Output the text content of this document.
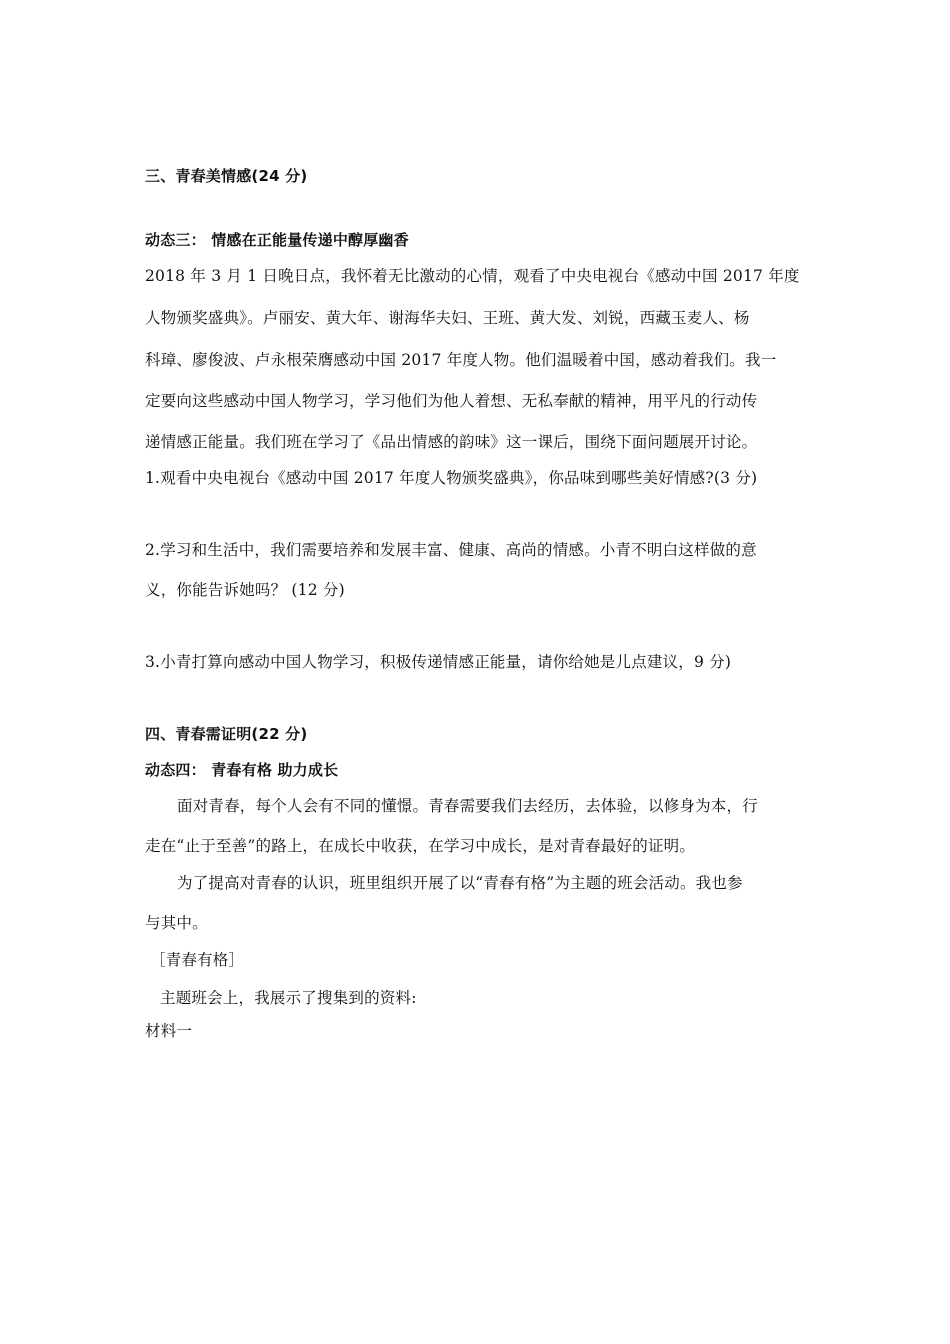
三、青春美情感(24 分)
动态三： 情感在正能量传递中醇厚幽香
2018 年 3 月 1 日晚日点，我怀着无比激动的心情，观看了中央电视台《感动中国 2017 年度
人物颁奖盛典》。卢丽安、黄大年、谢海华夫妇、王班、黄大发、刘锐，西藏玉麦人、杨
科璋、廖俊波、卢永根荣膺感动中国 2017 年度人物。他们温暖着中国，感动着我们。我一
定要向这些感动中国人物学习，学习他们为他人着想、无私奉献的精神，用平凡的行动传
递情感正能量。我们班在学习了《品出情感的韵味》这一课后，围绕下面问题展开讨论。
1.观看中央电视台《感动中国 2017 年度人物颁奖盛典》，你品味到哪些美好情感?(3 分)
2.学习和生活中，我们需要培养和发展丰富、健康、高尚的情感。小青不明白这样做的意
义，你能告诉她吗？ (12 分)
3.小青打算向感动中国人物学习，积极传递情感正能量，请你给她是儿点建议，9 分)
四、青春需证明(22 分)
动态四： 青春有格 助力成长
面对青春，每个人会有不同的懂憬。青春需要我们去经历，去体验，以修身为本，行
走在“止于至善”的路上，在成长中收获，在学习中成长，是对青春最好的证明。
为了提高对青春的认识，班里组织开展了以“青春有格”为主题的班会活动。我也参
与其中。
［青春有格］
主题班会上，我展示了搜集到的资料:
材料一
